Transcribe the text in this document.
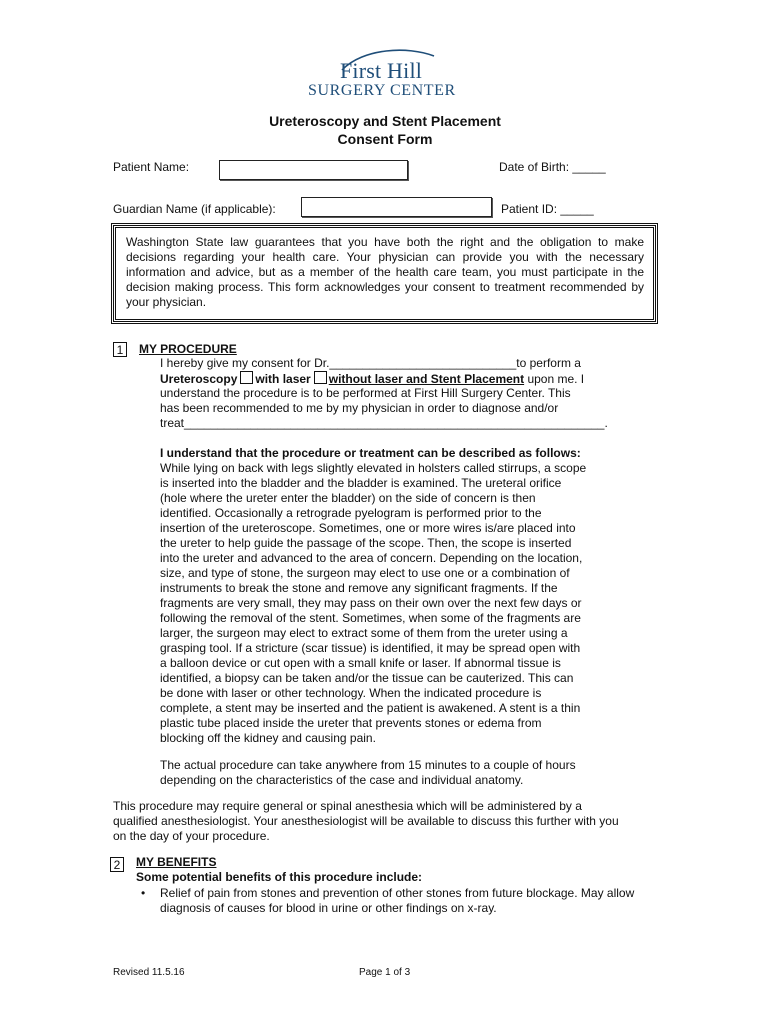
First Hill
SURGERY CENTER
Ureteroscopy and Stent Placement
Consent Form
Patient Name:	Date of Birth: _____
Guardian Name (if applicable):	Patient ID: _____
Washington State law guarantees that you have both the right and the obligation to make decisions regarding your health care. Your physician can provide you with the necessary information and advice, but as a member of the health care team, you must participate in the decision making process. This form acknowledges your consent to treatment recommended by your physician.
1	MY PROCEDURE
I hereby give my consent for Dr.____________________________to perform a
Ureteroscopy with laser without laser and Stent Placement upon me. I
understand the procedure is to be performed at First Hill Surgery Center. This
has been recommended to me by my physician in order to diagnose and/or
treat_______________________________________________________________.
I understand that the procedure or treatment can be described as follows:
While lying on back with legs slightly elevated in holsters called stirrups, a scope
is inserted into the bladder and the bladder is examined. The ureteral orifice
(hole where the ureter enter the bladder) on the side of concern is then
identified. Occasionally a retrograde pyelogram is performed prior to the
insertion of the ureteroscope. Sometimes, one or more wires is/are placed into
the ureter to help guide the passage of the scope. Then, the scope is inserted
into the ureter and advanced to the area of concern. Depending on the location,
size, and type of stone, the surgeon may elect to use one or a combination of
instruments to break the stone and remove any significant fragments. If the
fragments are very small, they may pass on their own over the next few days or
following the removal of the stent. Sometimes, when some of the fragments are
larger, the surgeon may elect to extract some of them from the ureter using a
grasping tool. If a stricture (scar tissue) is identified, it may be spread open with
a balloon device or cut open with a small knife or laser. If abnormal tissue is
identified, a biopsy can be taken and/or the tissue can be cauterized. This can
be done with laser or other technology. When the indicated procedure is
complete, a stent may be inserted and the patient is awakened. A stent is a thin
plastic tube placed inside the ureter that prevents stones or edema from
blocking off the kidney and causing pain.
The actual procedure can take anywhere from 15 minutes to a couple of hours
depending on the characteristics of the case and individual anatomy.
This procedure may require general or spinal anesthesia which will be administered by a
qualified anesthesiologist. Your anesthesiologist will be available to discuss this further with you
on the day of your procedure.
2	MY BENEFITS
Some potential benefits of this procedure include:
• Relief of pain from stones and prevention of other stones from future blockage. May allow
diagnosis of causes for blood in urine or other findings on x-ray.
Revised 11.5.16	Page 1 of 3
